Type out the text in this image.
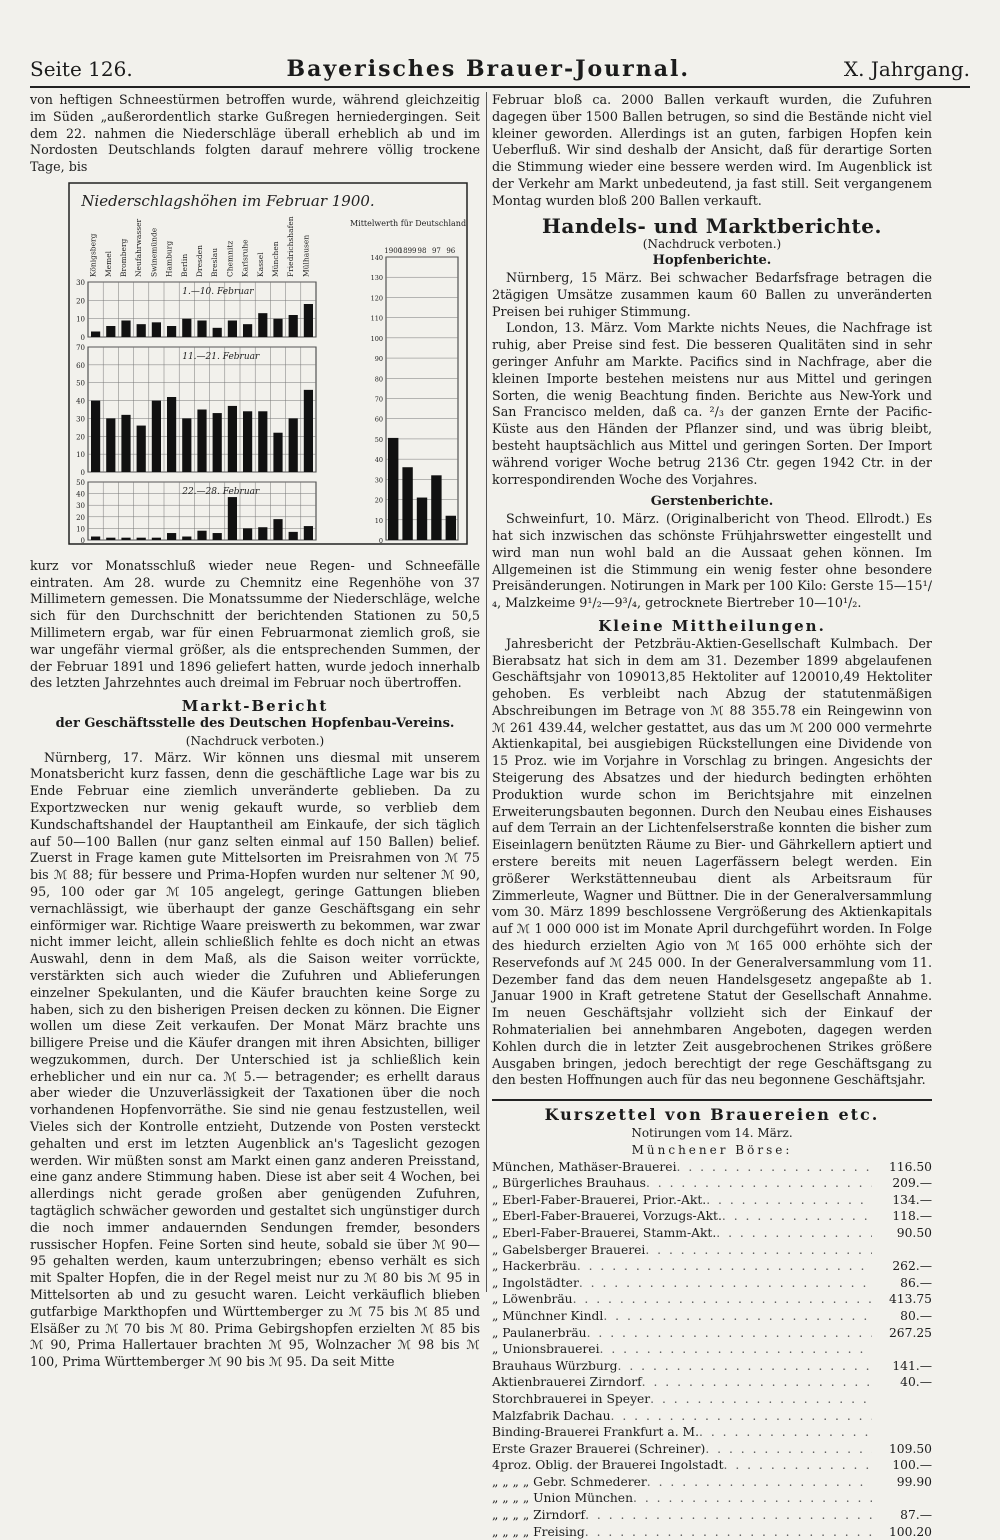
Seite 126.	Bayerisches Brauer-Journal.	X. Jahrgang.

von heftigen Schneestürmen betroffen wurde, während gleichzeitig im Süden „außerordentlich starke Gußregen herniedergingen. Seit dem 22. nahmen die Niederschläge überall erheblich ab und im Nordosten Deutschlands folgten darauf mehrere völlig trockene Tage, bis

Niederschlagshöhen im Februar 1900.
Mittelwerth für Deutschland
Königsberg Memel Bromberg Neufahrwasser Swinemünde Hamburg Berlin Dresden Breslau Chemnitz Karlsruhe Kassel München Friedrichshafen Mülhausen
0
10
20
30
1.—10. Februar
0
10
20
30
40
50
60
70
11.—21. Februar
0
10
20
30
40
50
22.—28. Februar
0
10
20
30
40
50
60
70
80
90
100
110
120
130
140
1900
1899 98 97 96

kurz vor Monatsschluß wieder neue Regen- und Schneefälle eintraten. Am 28. wurde zu Chemnitz eine Regenhöhe von 37 Millimetern gemessen. Die Monatssumme der Niederschläge, welche sich für den Durchschnitt der berichtenden Stationen zu 50,5 Millimetern ergab, war für einen Februarmonat ziemlich groß, sie war ungefähr viermal größer, als die entsprechenden Summen, der der Februar 1891 und 1896 geliefert hatten, wurde jedoch innerhalb des letzten Jahrzehntes auch dreimal im Februar noch übertroffen.

Markt-Bericht
der Geschäftsstelle des Deutschen Hopfenbau-Vereins.
(Nachdruck verboten.)

Nürnberg, 17. März. Wir können uns diesmal mit unserem Monatsbericht kurz fassen, denn die geschäftliche Lage war bis zu Ende Februar eine ziemlich unveränderte geblieben. Da zu Exportzwecken nur wenig gekauft wurde, so verblieb dem Kundschaftshandel der Hauptantheil am Einkaufe, der sich täglich auf 50—100 Ballen (nur ganz selten einmal auf 150 Ballen) belief. Zuerst in Frage kamen gute Mittelsorten im Preisrahmen von ℳ 75 bis ℳ 88; für bessere und Prima-Hopfen wurden nur seltener ℳ 90, 95, 100 oder gar ℳ 105 angelegt, geringe Gattungen blieben vernachlässigt, wie überhaupt der ganze Geschäftsgang ein sehr einförmiger war. Richtige Waare preiswerth zu bekommen, war zwar nicht immer leicht, allein schließlich fehlte es doch nicht an etwas Auswahl, denn in dem Maß, als die Saison weiter vorrückte, verstärkten sich auch wieder die Zufuhren und Ablieferungen einzelner Spekulanten, und die Käufer brauchten keine Sorge zu haben, sich zu den bisherigen Preisen decken zu können. Die Eigner wollen um diese Zeit verkaufen. Der Monat März brachte uns billigere Preise und die Käufer drangen mit ihren Absichten, billiger wegzukommen, durch. Der Unterschied ist ja schließlich kein erheblicher und ein nur ca. ℳ 5.— betragender; es erhellt daraus aber wieder die Unzuverlässigkeit der Taxationen über die noch vorhandenen Hopfenvorräthe. Sie sind nie genau festzustellen, weil Vieles sich der Kontrolle entzieht, Dutzende von Posten versteckt gehalten und erst im letzten Augenblick an's Tageslicht gezogen werden. Wir müßten sonst am Markt einen ganz anderen Preisstand, eine ganz andere Stimmung haben. Diese ist aber seit 4 Wochen, bei allerdings nicht gerade großen aber genügenden Zufuhren, tagtäglich schwächer geworden und gestaltet sich ungünstiger durch die noch immer andauernden Sendungen fremder, besonders russischer Hopfen. Feine Sorten sind heute, sobald sie über ℳ 90—95 gehalten werden, kaum unterzubringen; ebenso verhält es sich mit Spalter Hopfen, die in der Regel meist nur zu ℳ 80 bis ℳ 95 in Mittelsorten ab und zu gesucht waren. Leicht verkäuflich blieben gutfarbige Markthopfen und Württemberger zu ℳ 75 bis ℳ 85 und Elsäßer zu ℳ 70 bis ℳ 80. Prima Gebirgshopfen erzielten ℳ 85 bis ℳ 90, Prima Hallertauer brachten ℳ 95, Wolnzacher ℳ 98 bis ℳ 100, Prima Württemberger ℳ 90 bis ℳ 95. Da seit Mitte

Februar bloß ca. 2000 Ballen verkauft wurden, die Zufuhren dagegen über 1500 Ballen betrugen, so sind die Bestände nicht viel kleiner geworden. Allerdings ist an guten, farbigen Hopfen kein Ueberfluß. Wir sind deshalb der Ansicht, daß für derartige Sorten die Stimmung wieder eine bessere werden wird. Im Augenblick ist der Verkehr am Markt unbedeutend, ja fast still. Seit vergangenem Montag wurden bloß 200 Ballen verkauft.

Handels- und Marktberichte.
(Nachdruck verboten.)
Hopfenberichte.

Nürnberg, 15 März. Bei schwacher Bedarfsfrage betragen die 2tägigen Umsätze zusammen kaum 60 Ballen zu unveränderten Preisen bei ruhiger Stimmung.

London, 13. März. Vom Markte nichts Neues, die Nachfrage ist ruhig, aber Preise sind fest. Die besseren Qualitäten sind in sehr geringer Anfuhr am Markte. Pacifics sind in Nachfrage, aber die kleinen Importe bestehen meistens nur aus Mittel und geringen Sorten, die wenig Beachtung finden. Berichte aus New-York und San Francisco melden, daß ca. ²/₃ der ganzen Ernte der Pacific-Küste aus den Händen der Pflanzer sind, und was übrig bleibt, besteht hauptsächlich aus Mittel und geringen Sorten. Der Import während voriger Woche betrug 2136 Ctr. gegen 1942 Ctr. in der korrespondirenden Woche des Vorjahres.

Gerstenberichte.

Schweinfurt, 10. März. (Originalbericht von Theod. Ellrodt.) Es hat sich inzwischen das schönste Frühjahrswetter eingestellt und wird man nun wohl bald an die Aussaat gehen können. Im Allgemeinen ist die Stimmung ein wenig fester ohne besondere Preisänderungen. Notirungen in Mark per 100 Kilo: Gerste 15—15¹/₄, Malzkeime 9¹/₂—9³/₄, getrocknete Biertreber 10—10¹/₂.

Kleine Mittheilungen.

Jahresbericht der Petzbräu-Aktien-Gesellschaft Kulmbach. Der Bierabsatz hat sich in dem am 31. Dezember 1899 abgelaufenen Geschäftsjahr von 109013,85 Hektoliter auf 120010,49 Hektoliter gehoben. Es verbleibt nach Abzug der statutenmäßigen Abschreibungen im Betrage von ℳ 88 355.78 ein Reingewinn von ℳ 261 439.44, welcher gestattet, aus das um ℳ 200 000 vermehrte Aktienkapital, bei ausgiebigen Rückstellungen eine Dividende von 15 Proz. wie im Vorjahre in Vorschlag zu bringen. Angesichts der Steigerung des Absatzes und der hiedurch bedingten erhöhten Produktion wurde schon im Berichtsjahre mit einzelnen Erweiterungsbauten begonnen. Durch den Neubau eines Eishauses auf dem Terrain an der Lichtenfelserstraße konnten die bisher zum Eiseinlagern benützten Räume zu Bier- und Gährkellern aptiert und erstere bereits mit neuen Lagerfässern belegt werden. Ein größerer Werkstättenneubau dient als Arbeitsraum für Zimmerleute, Wagner und Büttner. Die in der Generalversammlung vom 30. März 1899 beschlossene Vergrößerung des Aktienkapitals auf ℳ 1 000 000 ist im Monate April durchgeführt worden. In Folge des hiedurch erzielten Agio von ℳ 165 000 erhöhte sich der Reservefonds auf ℳ 245 000. In der Generalversammlung vom 11. Dezember fand das dem neuen Handelsgesetz angepaßte ab 1. Januar 1900 in Kraft getretene Statut der Gesellschaft Annahme. Im neuen Geschäftsjahr vollzieht sich der Einkauf der Rohmaterialien bei annehmbaren Angeboten, dagegen werden Kohlen durch die in letzter Zeit ausgebrochenen Strikes größere Ausgaben bringen, jedoch berechtigt der rege Geschäftsgang zu den besten Hoffnungen auch für das neu begonnene Geschäftsjahr.

Kurszettel von Brauereien etc.
Notirungen vom 14. März.
Münchener Börse:
München, Mathäser-Brauerei . . .	116.50
„ Bürgerliches Brauhaus . . .	209.—
„ Eberl-Faber-Brauerei, Prior.-Akt. . . .	134.—
„ Eberl-Faber-Brauerei, Vorzugs-Akt. . . .	118.—
„ Eberl-Faber-Brauerei, Stamm-Akt. . . .	90.50
„ Gabelsberger Brauerei
. . .
„ Hackerbräu . . .	262.—
„ Ingolstädter . . .	86.—
„ Löwenbräu . . .	413.75
„ Münchner Kindl . . .	80.—
„ Paulanerbräu . . .	267.25
„ Unionsbrauerei
. . .
Brauhaus Würzburg . . .	141.—
Aktienbrauerei Zirndorf . . .	40.—
Storchbrauerei in Speyer
. . .
Malzfabrik Dachau
. . .
Binding-Brauerei Frankfurt a. M.
. . .
Erste Grazer Brauerei (Schreiner) . . .	109.50
4proz. Oblig. der Brauerei Ingolstadt . . .	100.—
„ „ „ „ Gebr. Schmederer . . .	99.90
„ „ „ „ Union München
. . .
„ „ „ „ Zirndorf . . .	87.—
„ „ „ „ Freising . . .	100.20
